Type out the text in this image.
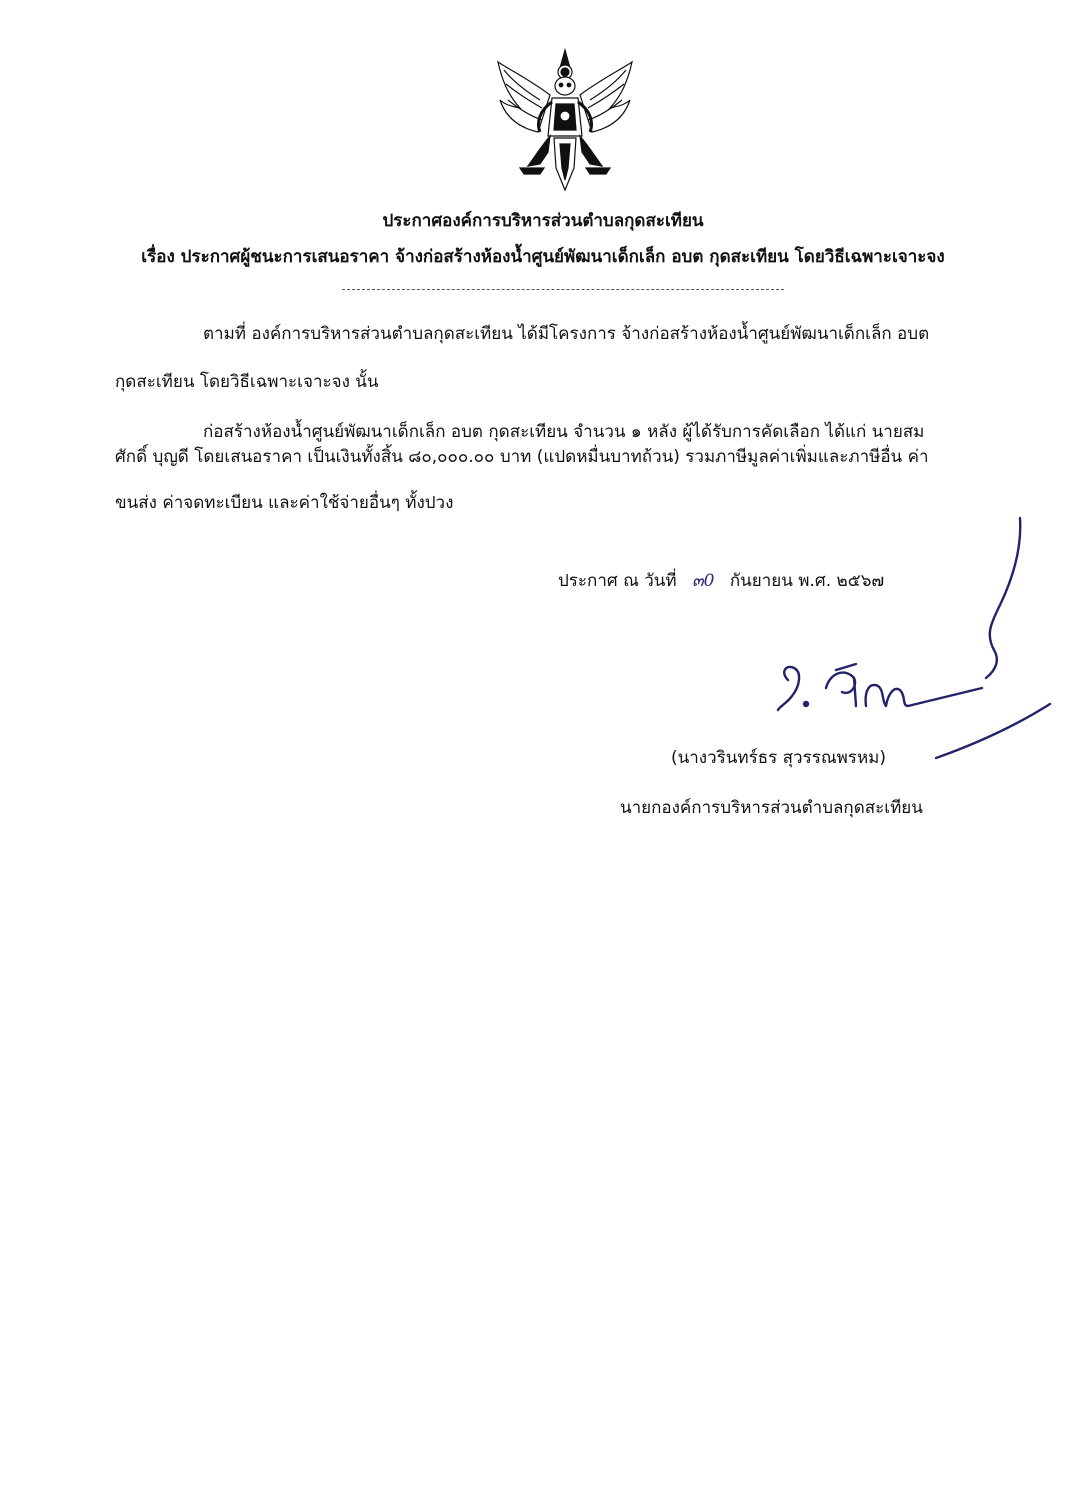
ประกาศองค์การบริหารส่วนตำบลกุดสะเทียน
เรื่อง ประกาศผู้ชนะการเสนอราคา จ้างก่อสร้างห้องน้ำศูนย์พัฒนาเด็กเล็ก อบต กุดสะเทียน โดยวิธีเฉพาะเจาะจง
ตามที่ องค์การบริหารส่วนตำบลกุดสะเทียน ได้มีโครงการ จ้างก่อสร้างห้องน้ำศูนย์พัฒนาเด็กเล็ก อบต
กุดสะเทียน โดยวิธีเฉพาะเจาะจง นั้น
ก่อสร้างห้องน้ำศูนย์พัฒนาเด็กเล็ก อบต กุดสะเทียน จำนวน ๑ หลัง ผู้ได้รับการคัดเลือก ได้แก่ นายสม
ศักดิ์ บุญดี โดยเสนอราคา เป็นเงินทั้งสิ้น ๘๐,๐๐๐.๐๐ บาท (แปดหมื่นบาทถ้วน) รวมภาษีมูลค่าเพิ่มและภาษีอื่น ค่า
ขนส่ง ค่าจดทะเบียน และค่าใช้จ่ายอื่นๆ ทั้งปวง
ประกาศ ณ วันที่ ๓0 กันยายน พ.ศ. ๒๕๖๗
(นางวรินทร์ธร สุวรรณพรหม)
นายกองค์การบริหารส่วนตำบลกุดสะเทียน
